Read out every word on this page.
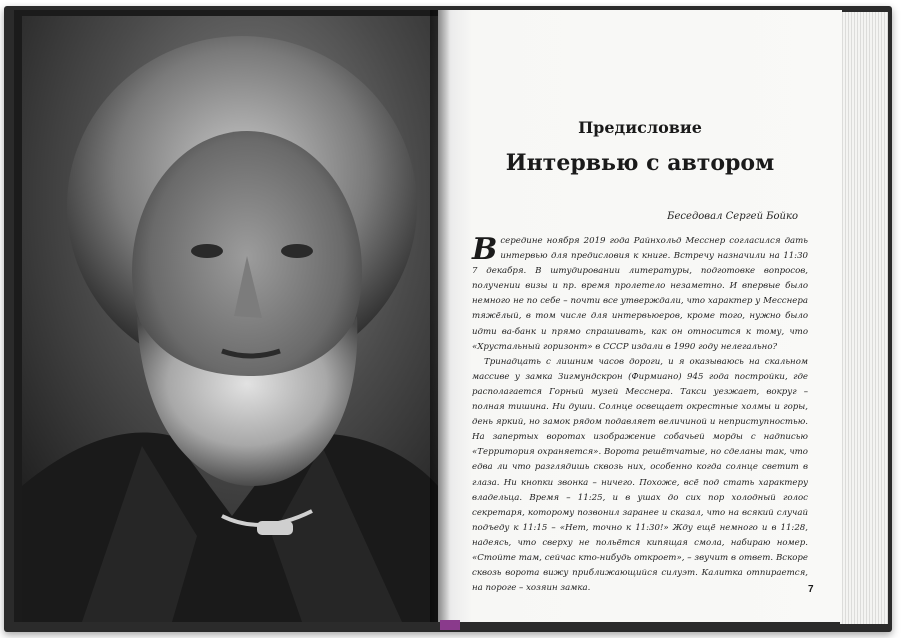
Предисловие
Интервью с автором
Беседовал Сергей Бойко

Всередине ноября 2019 года Райнхольд Месснер согласился дать интервью для предисловия к книге. Встречу назначили на 11:30 7 декабря. В штудировании литературы, подготовке вопросов, получении визы и пр. время пролетело незаметно. И впервые было немного не по себе – почти все утверждали, что характер у Месснера тяжёлый, в том числе для интервьюеров, кроме того, нужно было идти ва-банк и прямо спрашивать, как он относится к тому, что «Хрустальный горизонт» в СССР издали в 1990 году нелегально?

Тринадцать с лишним часов дороги, и я оказываюсь на скальном массиве у замка Зигмундскрон (Фирмиано) 945 года постройки, где располагается Горный музей Месснера. Такси уезжает, вокруг – полная тишина. Ни души. Солнце освещает окрестные холмы и горы, день яркий, но замок рядом подавляет величиной и неприступностью. На запертых воротах изображение собачьей морды с надписью «Территория охраняется». Ворота решётчатые, но сделаны так, что едва ли что разглядишь сквозь них, особенно когда солнце светит в глаза. Ни кнопки звонка – ничего. Похоже, всё под стать характеру владельца. Время – 11:25, и в ушах до сих пор холодный голос секретаря, которому позвонил заранее и сказал, что на всякий случай подъеду к 11:15 – «Нет, точно к 11:30!» Жду ещё немного и в 11:28, надеясь, что сверху не польётся кипящая смола, набираю номер. «Стойте там, сейчас кто-нибудь откроет», – звучит в ответ. Вскоре сквозь ворота вижу приближающийся силуэт. Калитка отпирается, на пороге – хозяин замка.	7
